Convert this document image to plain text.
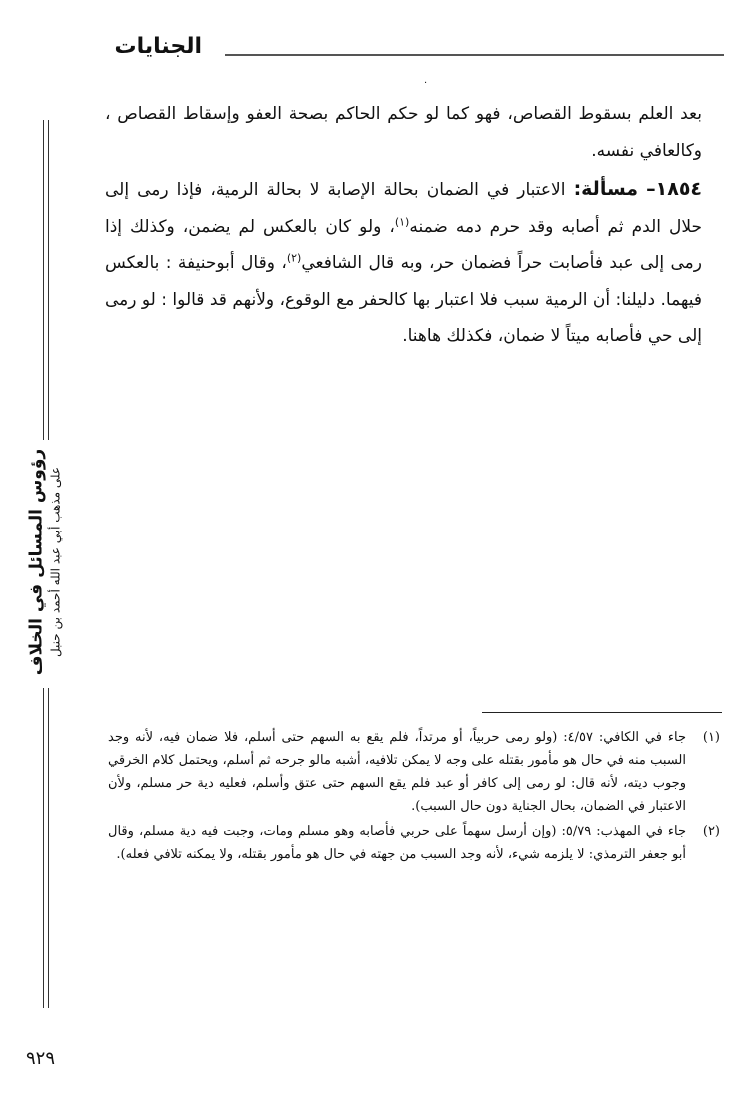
الجنايات
·

بعد العلم بسقوط القصاص، فهو كما لو حكم الحاكم بصحة العفو وإسقاط القصاص ، وكالعافي نفسه.

١٨٥٤– مسألة: الاعتبار في الضمان بحالة الإصابة لا بحالة الرمية، فإذا رمى إلى حلال الدم ثم أصابه وقد حرم دمه ضمنه$^{(١)}$، ولو كان بالعكس لم يضمن، وكذلك إذا رمى إلى عبد فأصابت حراً فضمان حر، وبه قال الشافعي$^{(٢)}$، وقال أبوحنيفة : بالعكس فيهما. دليلنا: أن الرمية سبب فلا اعتبار بها كالحفر مع الوقوع، ولأنهم قد قالوا : لو رمى إلى حي فأصابه ميتاً لا ضمان، فكذلك هاهنا.

رؤوس المسائل في الخلاف على مذهب أبي عبد الله أحمد بن حنبل
(١)
جاء في الكافي: ٤/٥٧: (ولو رمى حربياً، أو مرتداً، فلم يقع به السهم حتى أسلم، فلا ضمان فيه، لأنه وجد السبب منه في حال هو مأمور بقتله على وجه لا يمكن تلافيه، أشبه مالو جرحه ثم أسلم، ويحتمل كلام الخرقي وجوب ديته، لأنه قال: لو رمى إلى كافر أو عبد فلم يقع السهم حتى عتق وأسلم، فعليه دية حر مسلم، ولأن الاعتبار في الضمان، بحال الجناية دون حال السبب).
(٢)
جاء في المهذب: ٥/٧٩: (وإن أرسل سهماً على حربي فأصابه وهو مسلم ومات، وجبت فيه دية مسلم، وقال أبو جعفر الترمذي: لا يلزمه شيء، لأنه وجد السبب من جهته في حال هو مأمور بقتله، ولا يمكنه تلافي فعله).
٩٢٩
